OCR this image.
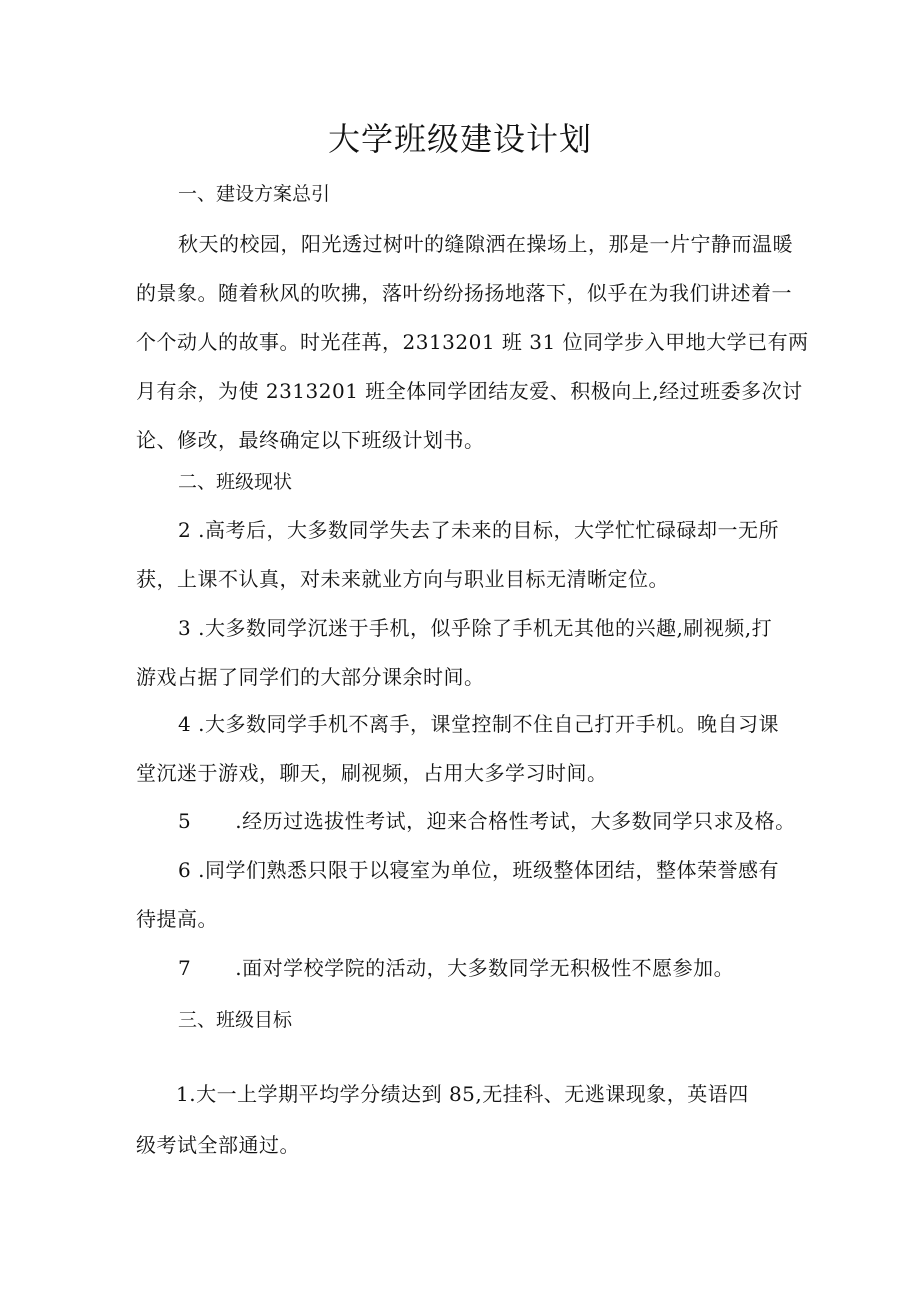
大学班级建设计划
一、建设方案总引
秋天的校园，阳光透过树叶的缝隙洒在操场上，那是一片宁静而温暖
的景象。随着秋风的吹拂，落叶纷纷扬扬地落下，似乎在为我们讲述着一
个个动人的故事。时光荏苒，2313201 班 31 位同学步入甲地大学已有两
月有余，为使 2313201 班全体同学团结友爱、积极向上,经过班委多次讨
论、修改，最终确定以下班级计划书。
二、班级现状
2 .高考后，大多数同学失去了未来的目标，大学忙忙碌碌却一无所
获，上课不认真，对未来就业方向与职业目标无清晰定位。
3 .大多数同学沉迷于手机，似乎除了手机无其他的兴趣,刷视频,打
游戏占据了同学们的大部分课余时间。
4 .大多数同学手机不离手，课堂控制不住自己打开手机。晚自习课
堂沉迷于游戏，聊天，刷视频，占用大多学习时间。
5 .经历过选拔性考试，迎来合格性考试，大多数同学只求及格。
6 .同学们熟悉只限于以寝室为单位，班级整体团结，整体荣誉感有
待提高。
7 .面对学校学院的活动，大多数同学无积极性不愿参加。
三、班级目标
1.大一上学期平均学分绩达到 85,无挂科、无逃课现象，英语四
级考试全部通过。
